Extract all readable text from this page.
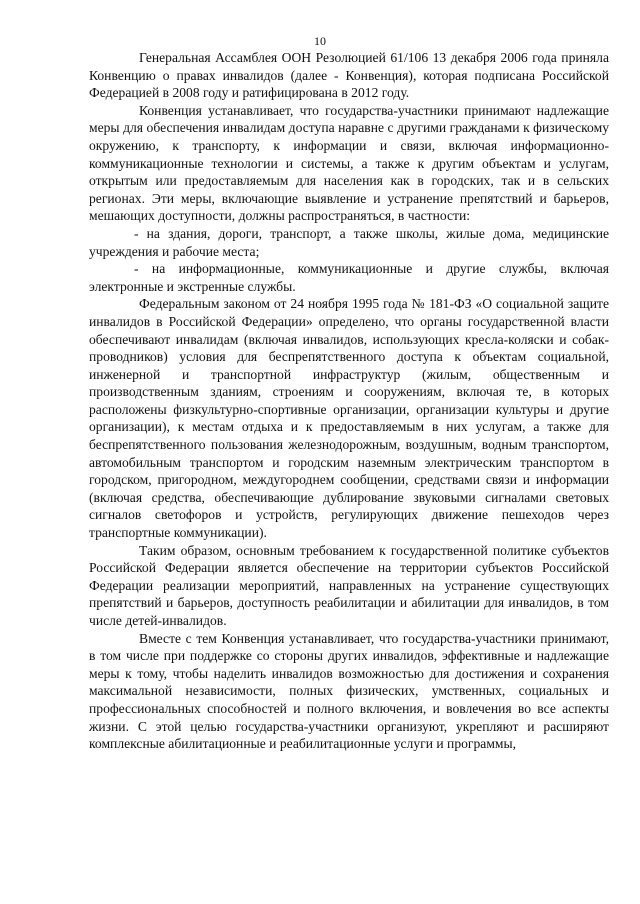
10

Генеральная Ассамблея ООН Резолюцией 61/106 13 декабря 2006 года приняла Конвенцию о правах инвалидов (далее - Конвенция), которая подписана Российской Федерацией в 2008 году и ратифицирована в 2012 году.

Конвенция устанавливает, что государства-участники принимают надлежащие меры для обеспечения инвалидам доступа наравне с другими гражданами к физическому окружению, к транспорту, к информации и связи, включая информационно-коммуникационные технологии и системы, а также к другим объектам и услугам, открытым или предоставляемым для населения как в городских, так и в сельских регионах. Эти меры, включающие выявление и устранение препятствий и барьеров, мешающих доступности, должны распространяться, в частности:

- на здания, дороги, транспорт, а также школы, жилые дома, медицинские учреждения и рабочие места;

- на информационные, коммуникационные и другие службы, включая электронные и экстренные службы.

Федеральным законом от 24 ноября 1995 года № 181-ФЗ «О социальной защите инвалидов в Российской Федерации» определено, что органы государственной власти обеспечивают инвалидам (включая инвалидов, использующих кресла-коляски и собак-проводников) условия для беспрепятственного доступа к объектам социальной, инженерной и транспортной инфраструктур (жилым, общественным и производственным зданиям, строениям и сооружениям, включая те, в которых расположены физкультурно-спортивные организации, организации культуры и другие организации), к местам отдыха и к предоставляемым в них услугам, а также для беспрепятственного пользования железнодорожным, воздушным, водным транспортом, автомобильным транспортом и городским наземным электрическим транспортом в городском, пригородном, междугороднем сообщении, средствами связи и информации (включая средства, обеспечивающие дублирование звуковыми сигналами световых сигналов светофоров и устройств, регулирующих движение пешеходов через транспортные коммуникации).

Таким образом, основным требованием к государственной политике субъектов Российской Федерации является обеспечение на территории субъектов Российской Федерации реализации мероприятий, направленных на устранение существующих препятствий и барьеров, доступность реабилитации и абилитации для инвалидов, в том числе детей-инвалидов.

Вместе с тем Конвенция устанавливает, что государства-участники принимают, в том числе при поддержке со стороны других инвалидов, эффективные и надлежащие меры к тому, чтобы наделить инвалидов возможностью для достижения и сохранения максимальной независимости, полных физических, умственных, социальных и профессиональных способностей и полного включения, и вовлечения во все аспекты жизни. С этой целью государства-участники организуют, укрепляют и расширяют комплексные абилитационные и реабилитационные услуги и программы,
